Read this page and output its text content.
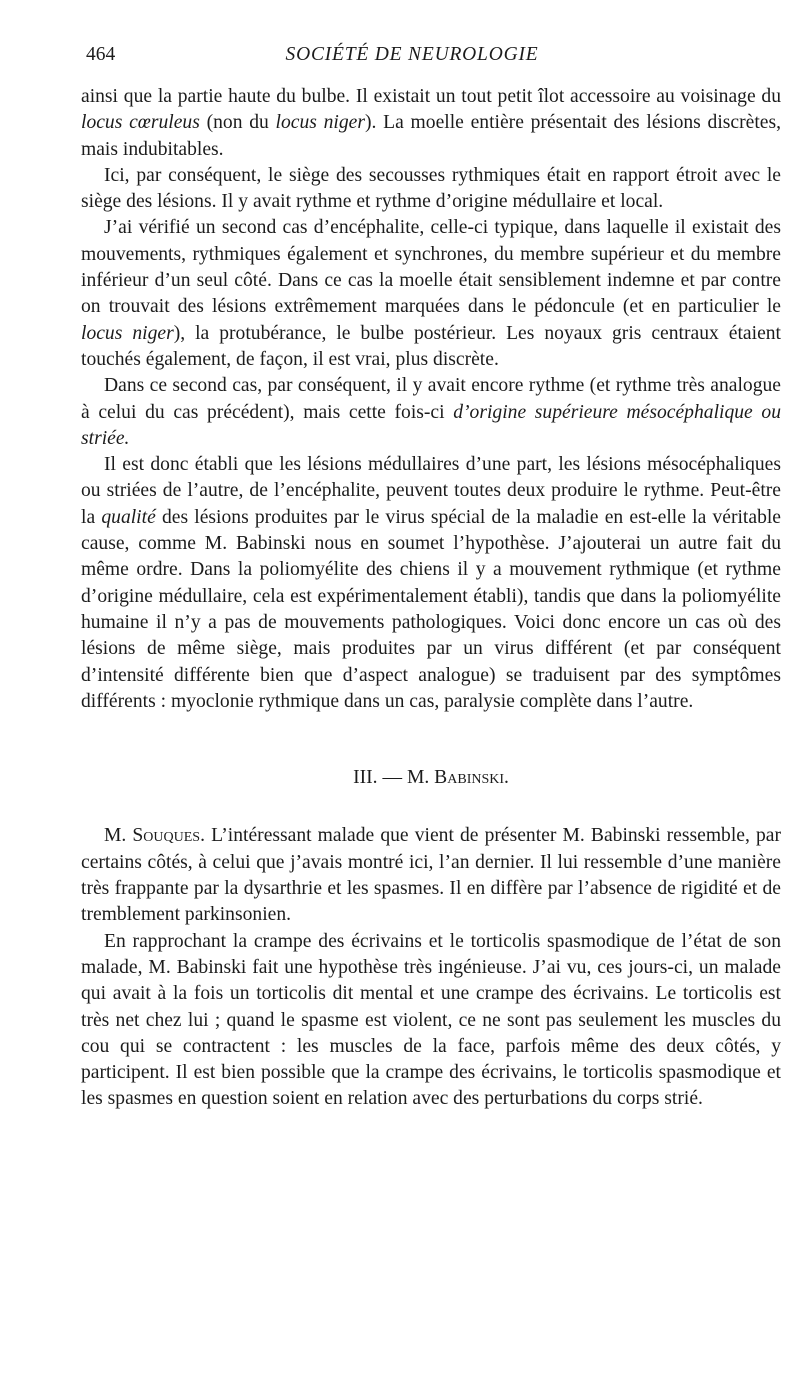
464	SOCIÉTÉ DE NEUROLOGIE

ainsi que la partie haute du bulbe. Il existait un tout petit îlot accessoire au voisinage du locus cœruleus (non du locus niger). La moelle entière présentait des lésions discrètes, mais indubitables.

Ici, par conséquent, le siège des secousses rythmiques était en rapport étroit avec le siège des lésions. Il y avait rythme et rythme d’origine médullaire et local.

J’ai vérifié un second cas d’encéphalite, celle-ci typique, dans laquelle il existait des mouvements, rythmiques également et synchrones, du membre supérieur et du membre inférieur d’un seul côté. Dans ce cas la moelle était sensiblement indemne et par contre on trouvait des lésions extrêmement marquées dans le pédoncule (et en particulier le locus niger), la protubérance, le bulbe postérieur. Les noyaux gris centraux étaient touchés également, de façon, il est vrai, plus discrète.

Dans ce second cas, par conséquent, il y avait encore rythme (et rythme très analogue à celui du cas précédent), mais cette fois-ci d’origine supérieure mésocéphalique ou striée.

Il est donc établi que les lésions médullaires d’une part, les lésions mésocéphaliques ou striées de l’autre, de l’encéphalite, peuvent toutes deux produire le rythme. Peut-être la qualité des lésions produites par le virus spécial de la maladie en est-elle la véritable cause, comme M. Babinski nous en soumet l’hypothèse. J’ajouterai un autre fait du même ordre. Dans la poliomyélite des chiens il y a mouvement rythmique (et rythme d’origine médullaire, cela est expérimentalement établi), tandis que dans la poliomyélite humaine il n’y a pas de mouvements pathologiques. Voici donc encore un cas où des lésions de même siège, mais produites par un virus différent (et par conséquent d’intensité différente bien que d’aspect analogue) se traduisent par des symptômes différents : myoclonie rythmique dans un cas, paralysie complète dans l’autre.

III. — M. Babinski.

M. Souques. L’intéressant malade que vient de présenter M. Babinski ressemble, par certains côtés, à celui que j’avais montré ici, l’an dernier. Il lui ressemble d’une manière très frappante par la dysarthrie et les spasmes. Il en diffère par l’absence de rigidité et de tremblement parkinsonien.

En rapprochant la crampe des écrivains et le torticolis spasmodique de l’état de son malade, M. Babinski fait une hypothèse très ingénieuse. J’ai vu, ces jours-ci, un malade qui avait à la fois un torticolis dit mental et une crampe des écrivains. Le torticolis est très net chez lui ; quand le spasme est violent, ce ne sont pas seulement les muscles du cou qui se contractent : les muscles de la face, parfois même des deux côtés, y participent. Il est bien possible que la crampe des écrivains, le torticolis spasmodique et les spasmes en question soient en relation avec des perturbations du corps strié.
